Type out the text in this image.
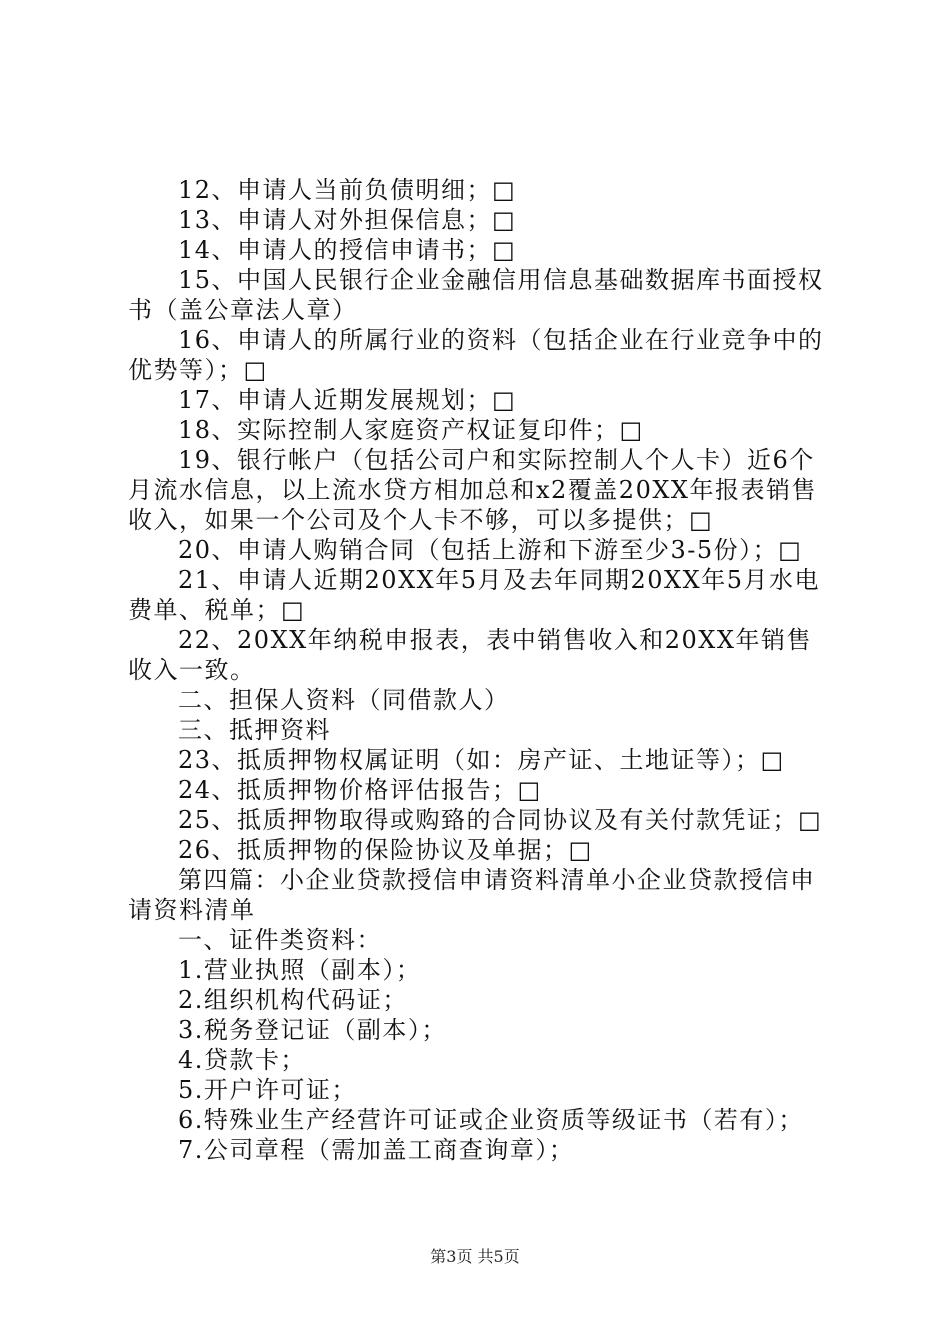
12、申请人当前负债明细；□

13、申请人对外担保信息；□

14、申请人的授信申请书；□

15、中国人民银行企业金融信用信息基础数据库书面授权书（盖公章法人章）

16、申请人的所属行业的资料（包括企业在行业竞争中的优势等）；□

17、申请人近期发展规划；□

18、实际控制人家庭资产权证复印件；□

19、银行帐户（包括公司户和实际控制人个人卡）近6个月流水信息，以上流水贷方相加总和x2覆盖20XX年报表销售收入，如果一个公司及个人卡不够，可以多提供；□

20、申请人购销合同（包括上游和下游至少3-5份）；□

21、申请人近期20XX年5月及去年同期20XX年5月水电费单、税单；□

22、20XX年纳税申报表，表中销售收入和20XX年销售收入一致。

二、担保人资料（同借款人）

三、抵押资料

23、抵质押物权属证明（如：房产证、土地证等）；□

24、抵质押物价格评估报告；□

25、抵质押物取得或购臵的合同协议及有关付款凭证；□

26、抵质押物的保险协议及单据；□

第四篇：小企业贷款授信申请资料清单小企业贷款授信申请资料清单

一、证件类资料：

1.营业执照（副本）；

2.组织机构代码证；

3.税务登记证（副本）；

4.贷款卡；

5.开户许可证；

6.特殊业生产经营许可证或企业资质等级证书（若有）；

7.公司章程（需加盖工商查询章）；

第3页 共5页
